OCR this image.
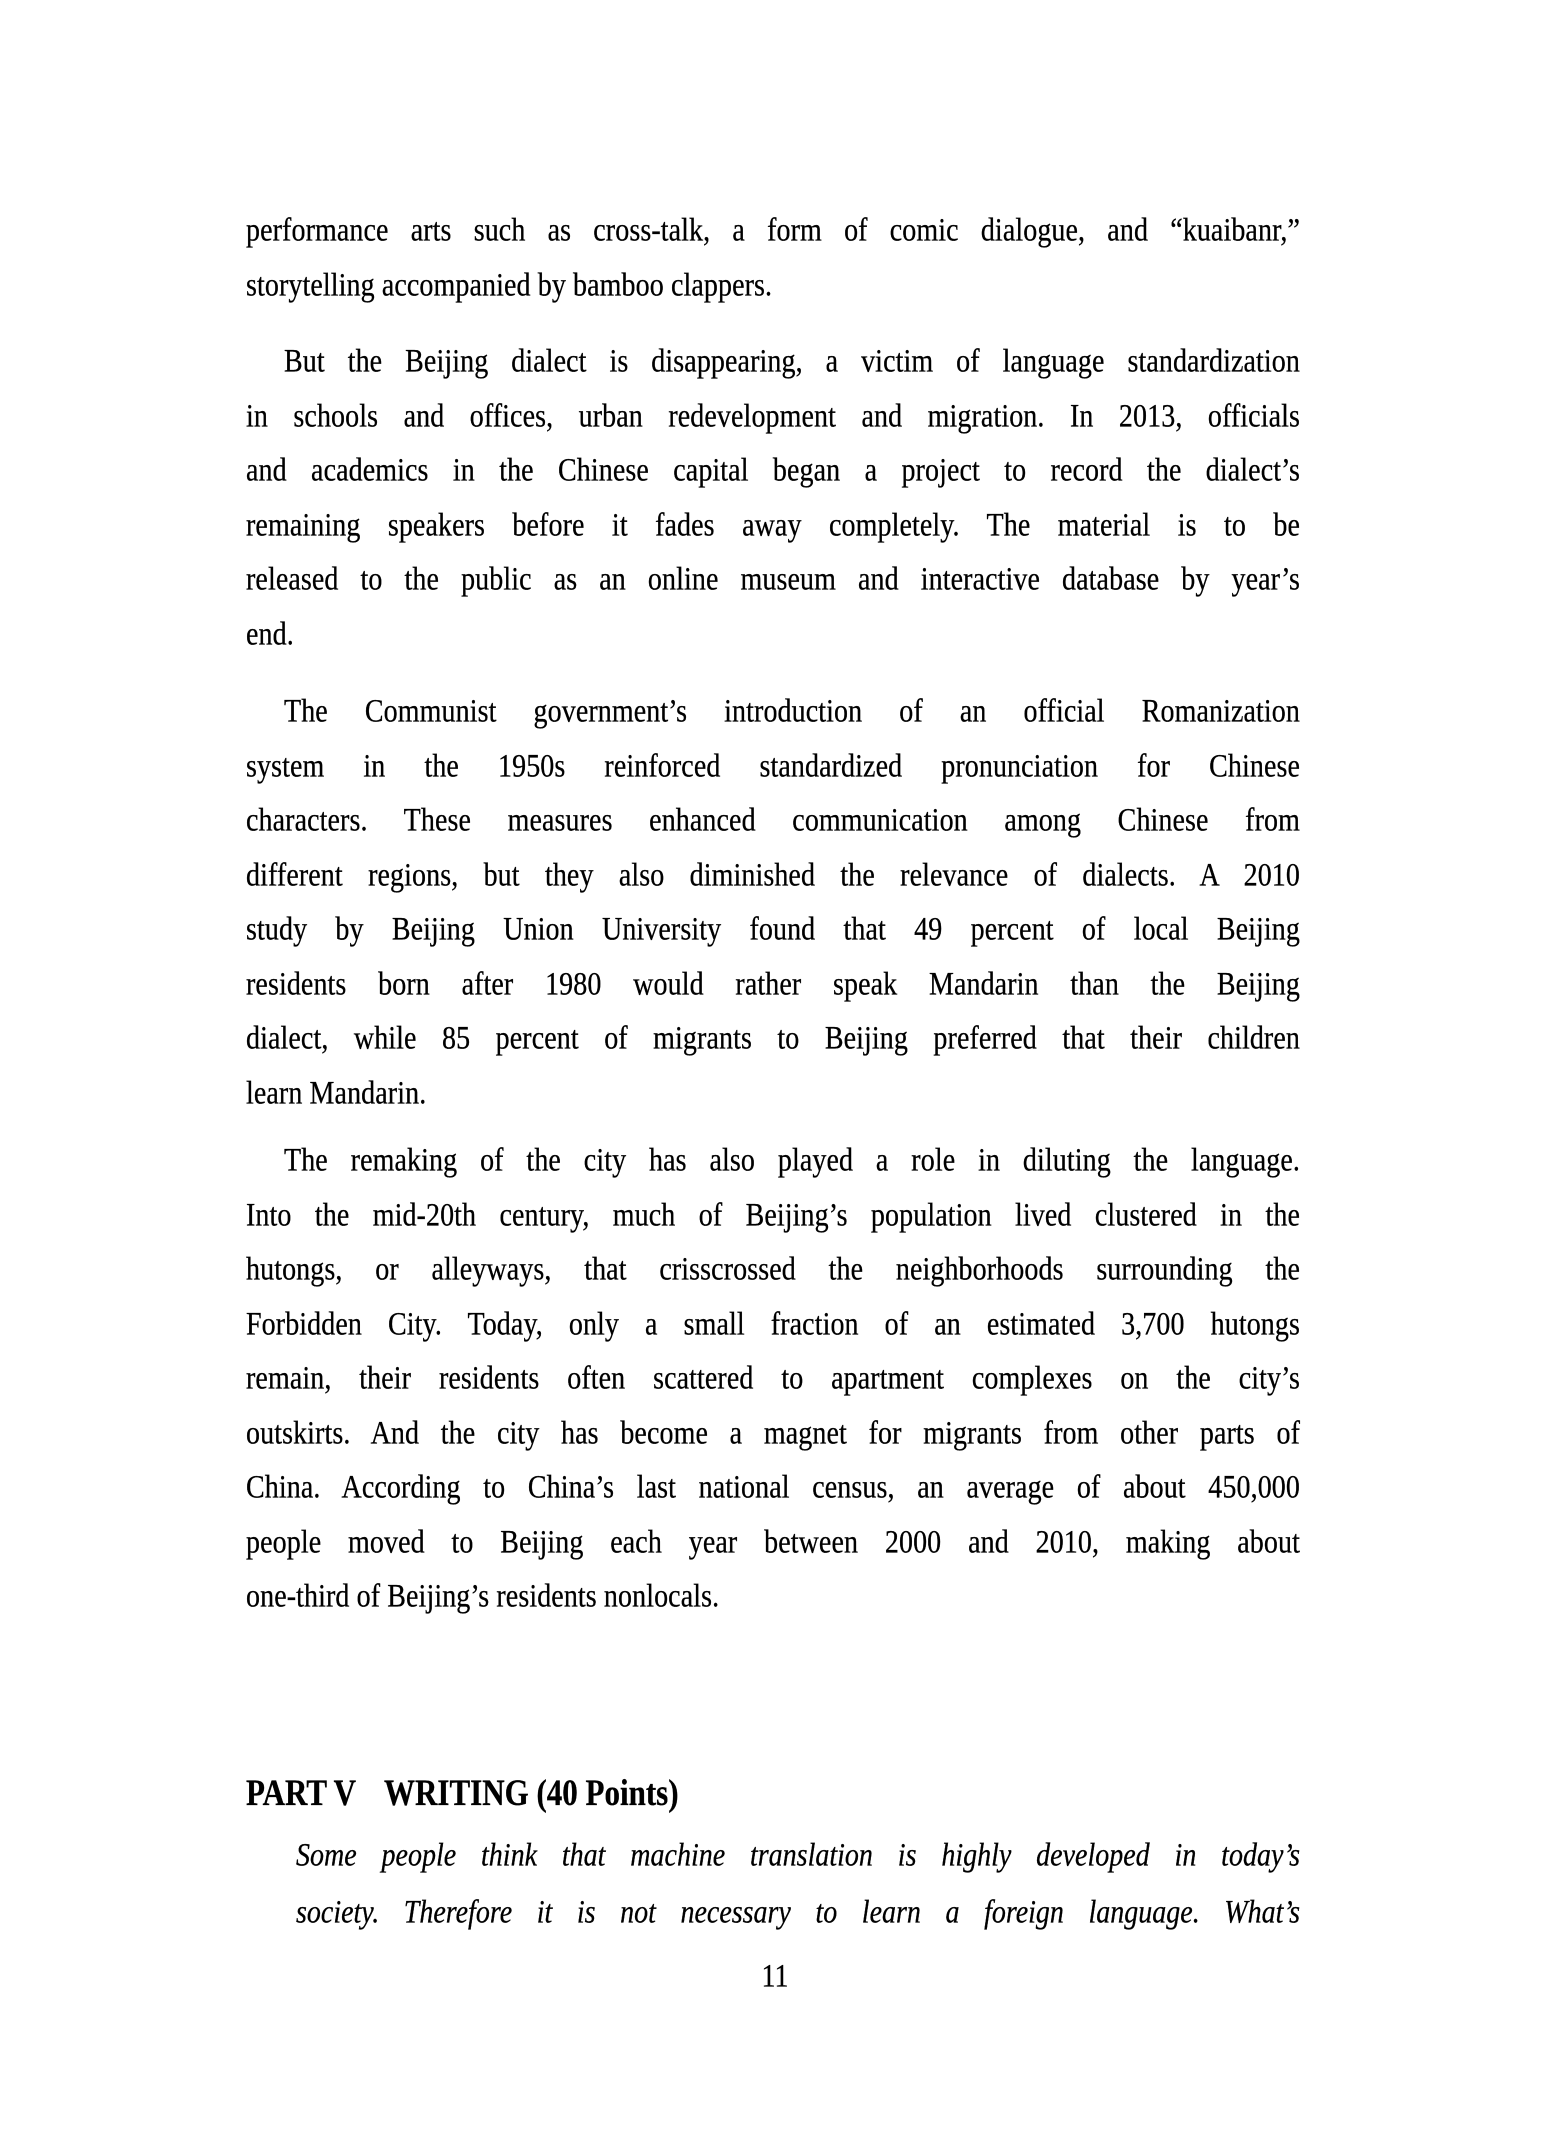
performance arts such as cross-talk, a form of comic dialogue, and “kuaibanr,”
storytelling accompanied by bamboo clappers.
But the Beijing dialect is disappearing, a victim of language standardization
in schools and offices, urban redevelopment and migration. In 2013, officials
and academics in the Chinese capital began a project to record the dialect’s
remaining speakers before it fades away completely. The material is to be
released to the public as an online museum and interactive database by year’s
end.
The Communist government’s introduction of an official Romanization
system in the 1950s reinforced standardized pronunciation for Chinese
characters. These measures enhanced communication among Chinese from
different regions, but they also diminished the relevance of dialects. A 2010
study by Beijing Union University found that 49 percent of local Beijing
residents born after 1980 would rather speak Mandarin than the Beijing
dialect, while 85 percent of migrants to Beijing preferred that their children
learn Mandarin.
The remaking of the city has also played a role in diluting the language.
Into the mid-20th century, much of Beijing’s population lived clustered in the
hutongs, or alleyways, that crisscrossed the neighborhoods surrounding the
Forbidden City. Today, only a small fraction of an estimated 3,700 hutongs
remain, their residents often scattered to apartment complexes on the city’s
outskirts. And the city has become a magnet for migrants from other parts of
China. According to China’s last national census, an average of about 450,000
people moved to Beijing each year between 2000 and 2010, making about
one-third of Beijing’s residents nonlocals.
PART V WRITING (40 Points)
Some people think that machine translation is highly developed in today’s
society. Therefore it is not necessary to learn a foreign language. What’s
11
